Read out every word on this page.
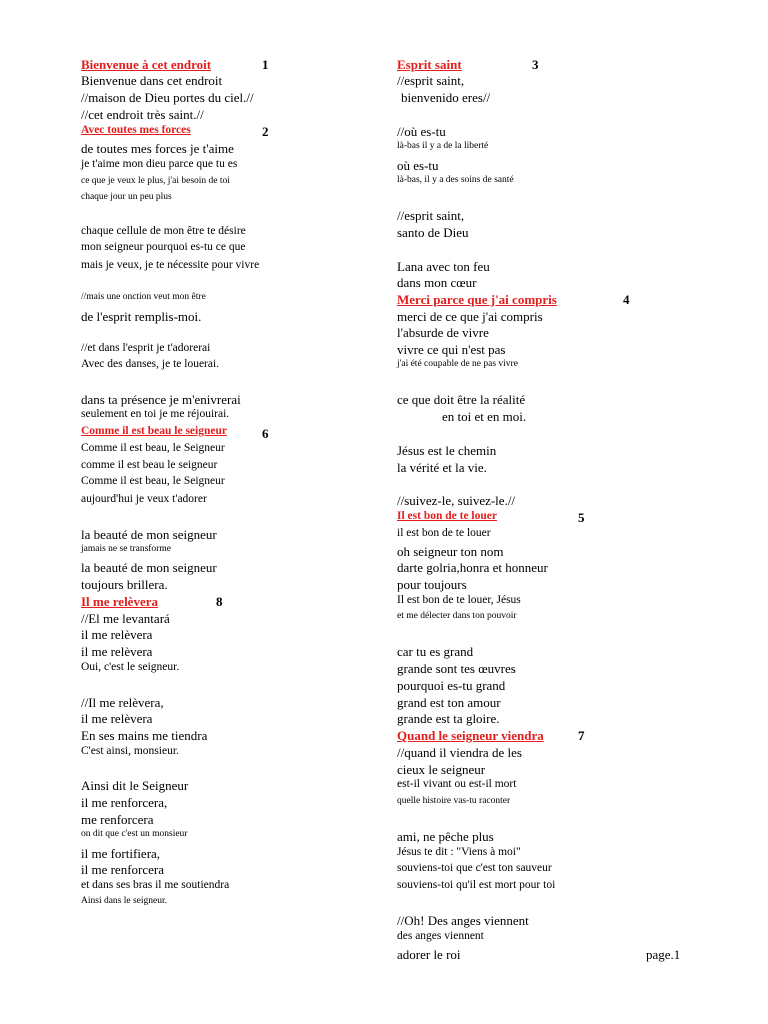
Bienvenue à cet endroit	1
Bienvenue dans cet endroit
//maison de Dieu portes du ciel.//
//cet endroit très saint.//
Avec toutes mes forces	2
de toutes mes forces je t'aime
je t'aime mon dieu parce que tu es
ce que je veux le plus, j'ai besoin de toi
chaque jour un peu plus
chaque cellule de mon être te désire
mon seigneur pourquoi es-tu ce que
mais je veux, je te nécessite pour vivre
//mais une onction veut mon être
de l'esprit remplis-moi.
//et dans l'esprit je t'adorerai
Avec des danses, je te louerai.
dans ta présence je m'enivrerai
seulement en toi je me réjouirai.
Comme il est beau le seigneur	6
Comme il est beau, le Seigneur
comme il est beau le seigneur
Comme il est beau, le Seigneur
aujourd'hui je veux t'adorer
la beauté de mon seigneur
jamais ne se transforme
la beauté de mon seigneur
toujours brillera.
Il me relèvera	8
//El me levantará
il me relèvera
il me relèvera
Oui, c'est le seigneur.
//Il me relèvera,
il me relèvera
En ses mains me tiendra
C'est ainsi, monsieur.
Ainsi dit le Seigneur
il me renforcera,
me renforcera
on dit que c'est un monsieur
il me fortifiera,
il me renforcera
et dans ses bras il me soutiendra
Ainsi dans le seigneur.
Esprit saint	3
//esprit saint,
bienvenido eres//
//où es-tu
là-bas il y a de la liberté
où es-tu
là-bas, il y a des soins de santé
//esprit saint,
santo de Dieu
Lana avec ton feu
dans mon cœur
Merci parce que j'ai compris	4
merci de ce que j'ai compris
l'absurde de vivre
vivre ce qui n'est pas
j'ai été coupable de ne pas vivre
ce que doit être la réalité
en toi et en moi.
Jésus est le chemin
la vérité et la vie.
//suivez-le, suivez-le.//
Il est bon de te louer	5
il est bon de te louer
oh seigneur ton nom
darte golria,honra et honneur
pour toujours
Il est bon de te louer, Jésus
et me délecter dans ton pouvoir
car tu es grand
grande sont tes œuvres
pourquoi es-tu grand
grand est ton amour
grande est ta gloire.
Quand le seigneur viendra	7
//quand il viendra de les
cieux le seigneur
est-il vivant ou est-il mort
quelle histoire vas-tu raconter
ami, ne pêche plus
Jésus te dit : "Viens à moi"
souviens-toi que c'est ton sauveur
souviens-toi qu'il est mort pour toi
//Oh! Des anges viennent
des anges viennent
adorer le roi	page.1
